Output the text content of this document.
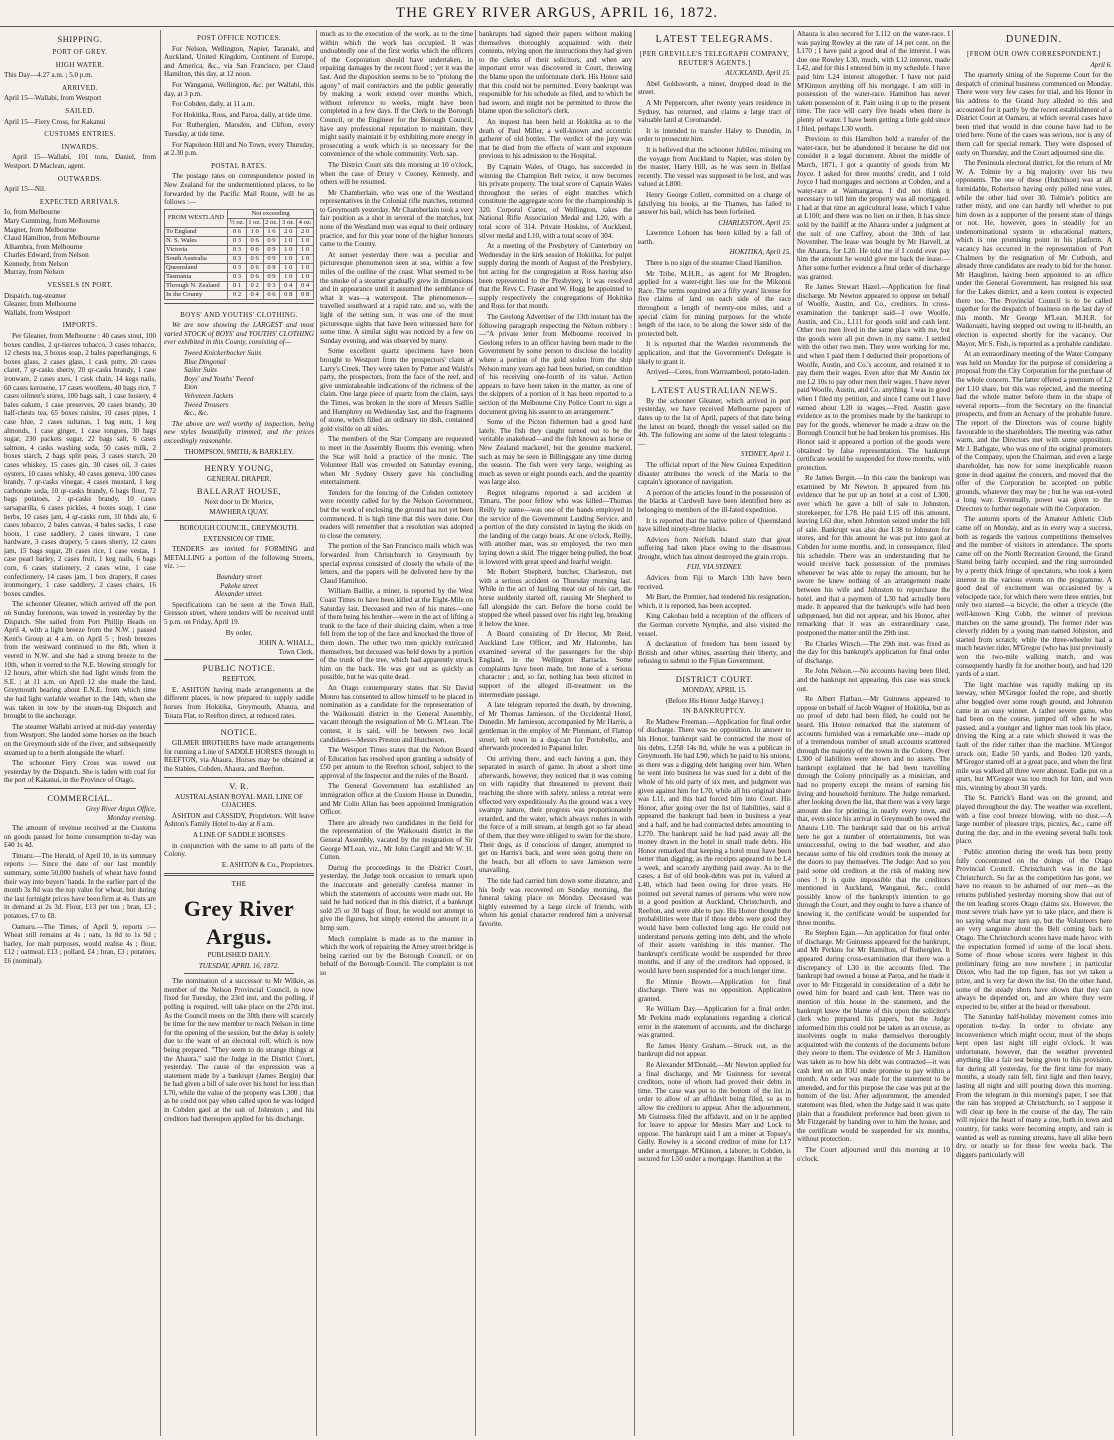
THE GREY RIVER ARGUS, APRIL 16, 1872.
SHIPPING.
PORT OF GREY.
HIGH WATER.

This Day—4.27 a.m. ; 5.0 p.m.

ARRIVED.

April 15—Wallabi, from Westport

SAILED.

April 15—Fiery Cross, for Kakanui

CUSTOMS ENTRIES.
INWARDS.

April 15—Wallabi, 101 tons, Daniel, from Westport. D Maclean, agent.

OUTWARDS.

April 15—Nil.

EXPECTED ARRIVALS.

Io, from Melbourne
Mary Cumming, from Melbourne
Magnet, from Melbourne
Claud Hamilton, from Melbourne
Alhambra, from Melbourne
Charles Edward, from Nelson
Kennedy, from Nelson
Murray, from Nelson

VESSELS IN PORT.

Dispatch, tug-steamer
Gleaner, from Melbourne
Wallabi, from Westport

IMPORTS.

Per Gleaner, from Melbourne : 40 cases stout, 100 boxes candles, 2 qr-tierces tobacco, 3 cases tobacco, 12 chests tea, 3 boxes soap, 2 bales paperhangings, 6 boxes glass, 2 cases glass, 1 cask putty, 20 cases claret, 7 qr-casks sherry, 20 qr-casks brandy, 1 case ironware, 2 cases axes, 1 cask chain, 14 kegs nails, 60 cases kerosene, 17 cases woollens, 40 bags rice, 7 cases oilmen's stores, 100 bags salt, 1 case hosiery, 4 bales oakum, 1 case preserves, 20 cases brandy, 30 half-chests tea, 65 boxes raisins, 10 cases pipes, 1 case blue, 2 cases sultanas, 1 bag nuts, 1 keg almonds, 1 case ginger, 1 case tongues, 30 bags sugar, 230 packets sugar, 22 bags salt, 6 cases salmon, 4 casks washing soda, 50 cases milk, 2 boxes starch, 2 bags split peas, 3 cases starch, 20 cases whiskey, 15 cases gin, 30 cases oil, 3 cases oysters, 10 cases whisky, 40 cases geneva, 100 cases brandy, 7 qr-casks vinegar, 4 cases mustard, 1 keg carbonate soda, 10 qr-casks brandy, 6 bags flour, 72 bags potatoes, 2 qr-casks brandy, 10 cases sarsaparilla, 6 cases pickles, 4 boxes soap, 1 case herbs, 10 cases jam, 4 qr-casks rum, 10 hhds ale, 6 cases tobacco, 2 bales canvas, 4 bales sacks, 1 case boots, 1 case saddlery, 2 cases tinware, 1 case hardware, 3 cases drapery, 5 cases sherry, 12 cases jam, 15 bags sugar, 20 cases rice, 1 case vestas, 1 case pearl barley, 2 cases fruit, 1 keg nails, 6 bags corn, 6 cases stationery, 2 cases wine, 1 case confectionery, 14 cases jam, 1 box drapery, 8 cases ironmongery, 1 case saddlery, 2 cases chairs, 16 boxes candles.

The schooner Gleaner, which arrived off the port on Sunday forenoon, was towed in yesterday by the Dispatch. She sailed from Port Phillip Heads on April 4, with a light breeze from the N.W. ; passed Kent's Group at 4 a.m. on April 5 ; fresh breezes from the westward continued to the 8th, when it veered to N.W. and she had a strong breeze to the 10th, when it veered to the N.E. blowing strongly for 12 hours, after which she had light winds from the S.E. ; at 11 a.m. on April 12 she made the land, Greymouth bearing about E.N.E. from which time she had light variable weather to the 14th, when she was taken in tow by the steam-tug Dispatch and brought to the anchorage.

The steamer Wallabi arrived at mid-day yesterday from Westport. She landed some horses on the beach on the Greymouth side of the river, and subsequently steamed up to a berth alongside the wharf.

The schooner Fiery Cross was towed out yesterday by the Dispatch. She is laden with coal for the port of Kakanui, in the Province of Otago.

COMMERCIAL.

Grey River Argus Office,
Monday evening.

The amount of revenue received at the Customs on goods passed for home consumption to-day was £40 1s 4d.

Timaru.—The Herald, of April 10, in its summary reports :— Since the date of our last monthly summary, some 50,000 bushels of wheat have found their way into buyers' hands. In the earlier part of the month 3s 8d was the top value for wheat, but during the last fortnight prices have been firm at 4s. Oats are in demand at 2s 3d. Flour, £13 per ton ; bran, £3 ; potatoes, £7 to £8.

Oamaru.—The Times, of April 9, reports :— Wheat still remains at 4s ; oats, 1s 8d to 1s 9d ; barley, for malt purposes, would realise 4s ; flour, £12 ; oatmeal, £13 ; pollard, £4 ; bran, £3 ; potatoes, £6 (nominal).

POST OFFICE NOTICES.

For Nelson, Wellington, Napier, Taranaki, and Auckland, United Kingdom, Continent of Europe, and America, &c., via San Francisco, per Claud Hamilton, this day, at 12 noon.

For Wanganui, Wellington, &c. per Wallabi, this day, at 3 p.m.

For Cobden, daily, at 11 a.m.

For Hokitika, Ross, and Paroa, daily, at tide time.

For Rutherglen, Marsden, and Clifton, every Tuesday, at tide time.

For Napoleon Hill and No Town, every Thursday, at 2.30 p.m.

POSTAL RATES.

The postage rates on correspondence posted in New Zealand for the undermentioned places, to be forwarded by the Pacific Mail Route, will be as follows :—

FROM WESTLAND	Not exceeding				
	½ oz.	1 oz.	2 oz.	3 oz.	4 oz.
To England	0 6	1 0	1 6	2 0	2 0
N. S. Wales	0 3	0 6	0 9	1 0	1 0
Victoria	0 3	0 6	0 9	1 0	1 0
South Australia	0 3	0 6	0 9	1 0	1 0
Queensland	0 3	0 6	0 9	1 0	1 0
Tasmania	0 3	0 6	0 9	1 0	1 0
Through N. Zealand	0 1	0 2	0 3	0 4	0 4
In the County	0 2	0 4	0 6	0 8	0 8
BOYS' AND YOUTHS' CLOTHING.

We are now showing the LARGEST and most varied STOCK of BOYS' and YOUTHS' CLOTHING ever exhibited in this County, consisting of—

Tweed Knickerbocker Suits
Blue Dingonal
Sailor Suits
Boys' and Youths' Tweed
Eton
Velveteen Jackets
Tweed Trousers
&c., &c.

The above are well worthy of inspection, being new styles beautifully trimmed, and the prices exceedingly reasonable.

THOMPSON, SMITH, & BARKLEY.

HENRY YOUNG,

GENERAL DRAPER,

BALLARAT HOUSE,

Next door to Dr Morice,

MAWHERA QUAY.

BOROUGH COUNCIL, GREYMOUTH.

EXTENSION OF TIME.

TENDERS are invited for FORMING and METALLING a portion of the following Streets, viz. :—

Boundary street
Pakeke street
Alexander street.

Specifications can be seen at the Town Hall, Gresson street, where tenders will be received until 5 p.m. on Friday, April 19.

By order,

JOHN A. WHALL,
Town Clerk.

PUBLIC NOTICE.

REEFTON.

E. ASHTON having made arrangements at the different places, is now prepared to supply saddle horses from Hokitika, Greymouth, Ahaura, and Totara Flat, to Reefton direct, at reduced rates.

NOTICE.

GILMER BROTHERS have made arrangements for running a Line of SADDLE HORSES through to REEFTON, via Ahaura. Horses may be obtained at the Stables, Cobden, Ahaura, and Reefton.

V. R.

AUSTRALASIAN ROYAL MAIL LINE OF COACHES.

ASHTON and CASSIDY, Proprietors. Will leave Ashton's Family Hotel to-day at 8 a.m.

A LINE OF SADDLE HORSES

in conjunction with the same to all parts of the Colony.

E. ASHTON & Co., Proprietors.

THE

Grey River Argus.

PUBLISHED DAILY.

TUESDAY, APRIL 16, 1872.

The nomination of a successor to Mr Wilkie, as member of the Nelson Provincial Council, is now fixed for Tuesday, the 23rd inst, and the polling, if polling is required, will take place on the 27th inst. As the Council meets on the 30th there will scarcely be time for the new member to reach Nelson in time for the opening of the session, but the delay is solely due to the want of an electoral roll, which is now being prepared. "They seem to do strange things at the Ahaura," said the Judge in the District Court, yesterday. The cause of the expression was a statement made by a bankrupt (James Bergin) that he had given a bill of sale over his hotel for less than L70, while the value of the property was L300 ; that as he could not pay when called upon he was lodged in Cobden gaol at the suit of Johnston ; and his creditors had thereupon applied for his discharge.

much as to the execution of the work, as to the time within which the work has occupied. It was undoubtedly one of the first works which the officers of the Corporation should have undertaken, in repairing damages by the recent flood ; yet it was the last. And the disposition seems to be to "prolong the agony" of mail contractors and the public generally by making a work extend over months which, without reference to weeks, might have been completed in a few days. If the Clerk to the Borough Council, or the Engineer for the Borough Council, have any professional reputation to maintain, they might easily maintain it by exhibiting more energy in prosecuting a work which is so necessary for the convenience of the whole community. Verb. sap.

The District Court sits this morning at 10 o'clock, when the case of Drury v Cooney, Kennedy, and others will be resumed.

Mr Chamberlain, who was one of the Westland representatives in the Colonial rifle matches, returned to Greymouth yesterday. Mr Chamberlain took a very fair position as a shot in several of the matches, but none of the Westland men was equal to their ordinary practice, and for this year none of the higher honours came to the County.

At sunset yesterday there was a peculiar and picturesque phenomenon seen at sea, within a few miles of the outline of the coast. What seemed to be the smoke of a steamer gradually grew in dimensions and in appearance until it assumed the semblance of what it was—a waterspout. The phenomenon—travelled southward at a rapid rate, and so, with the light of the setting sun, it was one of the most picturesque sights that have been witnessed here for some time. A similar sight was noticed by a few on Sunday evening, and was observed by many.

Some excellent quartz specimens have been brought to Westport from the prospectors' claim at Larry's Creek. They were taken by Potter and Walsh's party, the prospectors, from the face of the reef, and give unmistakeable indications of the richness of the claim. One large piece of quartz from the claim, says the Times, was broken in the store of Messrs Saillie and Humphrey on Wednesday last, and the fragments of stone, which filled an ordinary tin dish, contained gold visible on all sides.

The members of the Star Company are requested to meet in the Assembly Rooms this evening, when the Star will hold a practice of the music. The Volunteer Hall was crowded on Saturday evening, when Mr Sydney Ossery gave his concluding entertainment.

Tenders for the fencing of the Cobden cemetery were recently called for by the Nelson Government, but the work of enclosing the ground has not yet been commenced. It is high time that this were done. Our readers will remember that a resolution was adopted to close the cemetery.

The portion of the San Francisco mails which was forwarded from Christchurch to Greymouth by special express consisted of closely the whole of the letters, and the papers will be delivered here by the Claud Hamilton.

William Baillie, a miner, is reported by the West Coast Times to have been killed at the Eight-Mile on Saturday last. Deceased and two of his mates—one of them being his brother—were in the act of lifting a trunk to the face of their sluicing claim, when a tree fell from the top of the face and knocked the three of them down. The other two men quickly extricated themselves, but deceased was held down by a portion of the trunk of the tree, which had apparently struck him on the back. He was got out as quickly as possible, but he was quite dead.

An Otago contemporary states that Sir David Monro has consented to allow himself to be placed in nomination as a candidate for the representation of the Waikouaiti district in the General Assembly, vacant through the resignation of Mr G. M'Lean. The contest, it is said, will be between two local candidates—Messrs Preston and Hutcheson.

The Westport Times states that the Nelson Board of Education has resolved upon granting a subsidy of £50 per annum to the Reefton school, subject to the approval of the Inspector and the rules of the Board.

The General Government has established an immigration office at the Custom House in Dunedin, and Mr Colin Allan has been appointed Immigration Officer.

There are already two candidates in the field for the representation of the Waikouaiti district in the General Assembly, vacated by the resignation of Sir George M'Lean, viz., Mr John Cargill and Mr W. H. Cutten.

During the proceedings in the District Court, yesterday, the Judge took occasion to remark upon the inaccurate and generally careless manner in which the statements of accounts were made out. He said he had noticed that in this district, if a bankrupt sold 25 or 30 bags of flour, he would not attempt to give the figures, but simply entered the amount in a lump sum.

Much complaint is made as to the manner in which the work of repairing the Arney street bridge is being carried out by the Borough Council, or on behalf of the Borough Council. The complaint is not so

bankrupts had signed their papers without making themselves thoroughly acquainted with their contents, relying upon the instructions they had given to the clerks of their solicitors, and when any important error was discovered in Court, throwing the blame upon the unfortunate clerk. His Honor said that this could not be permitted. Every bankrupt was responsible for his schedule as filed, and to which he had sworn, and might not be permitted to throw the blame upon the solicitor's clerk.

An inquest has been held at Hokitika as to the death of Paul Miller, a well-known and eccentric gatherer of old bottles. The verdict of the jury was that he died from the effects of want and exposure previous to his admission to the Hospital.

By Captain Wales, of Otago, has succeeded in winning the Champion Belt twice, it now becomes his private property. The total score of Captain Wales throughout the series of eight matches which constitute the aggregate score for the championship is 320. Corporal Carter, of Wellington, takes the National Rifle Association Medal and L20, with a total score of 314. Private Hoskins, of Auckland, silver medal and L10, with a total score of 304.

At a meeting of the Presbytery of Canterbury on Wednesday in the kirk session of Hokitika, for pulpit supply during the month of August of the Presbytery, but acting for the congregation at Ross having also been represented to the Presbytery, it was resolved that the Revs C. Fraser and W. Hogg be appointed to supply respectively the congregations of Hokitika and Ross for that month.

The Geelong Advertiser of the 13th instant has the following paragraph respecting the Nelson robbery :—"A private letter from Melbourne received in Geelong refers to an officer having been made to the Government by some person to disclose the locality where a portion of the gold stolen from the ship Nelson many years ago had been buried, on condition of his receiving one-fourth of its value. Action appears to have been taken in the matter, as one of the skippers of a portion of it has been reported to a section of the Melbourne City Police Court to sign a document giving his assent to an arrangement."

Some of the Picton fishermen had a good haul lately. The fish they caught turned out to be the veritable snakehead—and the fish known as horse or New Zealand mackerel, but the genuine mackerel, such as may be seen in Billingsgate any time during the season. The fish were very large, weighing as much as seven or eight pounds each, and the quantity was large also.

Regret telegrams reported a sad accident at Timaru. The poor fellow who was killed—Thomas Reilly by name—was one of the hands employed in the service of the Government Landing Service, and a portion of the duty consisted in laying the skids on the landing of the cargo boats. At one o'clock, Reilly, with another man, was so employed, the two men laying down a skid. The trigger being pulled, the boat is lowered with great speed and fearful weight.

Mr Robert Shepherd, butcher, Charleston, met with a serious accident on Thursday morning last. While in the act of hauling meat out of his cart, the horse suddenly started off, causing Mr Shepherd to fall alongside the cart. Before the horse could be stopped the wheel passed over his right leg, breaking it below the knee.

A Board consisting of Dr Hector, Mr Reid, Auckland Law Officer, and Mr Halcombe, has examined several of the passengers for the ship England, in the Wellington Barracks. Some complaints have been made, but none of a serious character ; and, so far, nothing has been elicited in support of the alleged ill-treatment on the intermediate passage.

A late telegram reported the death, by drowning, of Mr Thomas Jamieson, of the Occidental Hotel, Dunedin. Mr Jamieson, accompanied by Mr Harris, a gentleman in the employ of Mr Plenmant, of Flattop street, left town in a dog-cart for Portobello, and afterwards proceeded to Papanui Inlet.

On arriving there, and each having a gun, they separated in search of game. In about a short time afterwards, however, they noticed that it was coming on with rapidity that threatened to prevent their reaching the shore with safety, unless a retreat were effected very expeditiously. As the ground was a very swampy nature, their progress was proportionately retarded, and the water, which always rushes in with the force of a mill stream, at length got so far ahead of them, that they were obliged to swim for the shore. Their dogs, as if conscious of danger, attempted to get on Harris's back, and were seen going there on the beach, but all efforts to save Jamieson were unavailing.

The tide had carried him down some distance, and his body was recovered on Sunday morning, the funeral taking place on Monday. Deceased was highly esteemed by a large circle of friends, with whom his genial character rendered him a universal favorite.

LATEST TELEGRAMS.
[PER GREVILLE'S TELEGRAPH COMPANY, REUTER'S AGENTS.]

AUCKLAND, April 15.

Abel Goldsworth, a miner, dropped dead in the street.

A Mr Peppercorn, after twenty years residence in Sydney, has returned, and claims a large tract of valuable land at Coromandel.

It is intended to transfer Haley to Dunedin, in order to prosecute him.

It is believed that the schooner Jubilee, missing on the voyage from Auckland to Napier, was stolen by the master, Harry Hill, as he was seen in Belfast recently. The vessel was supposed to be lost, and was valued at L800.

Henry George Collett, committed on a charge of falsifying his books, at the Thames, has failed to answer his bail, which has been forfeited.

CHARLESTON, April 15.

Lawrence Lohoen has been killed by a fall of earth.

HOKITIKA, April 15.

There is no sign of the steamer Claud Hamilton.

Mr Tribe, M.H.R., as agent for Mr Brogden, applied for a water-right lies use for the Mikonui Race. The terms required are a fifty years' license for five claims of land on each side of the race throughout a length of twenty-one miles, and a special claim for mining purposes for the whole length of the race, to be along the lower side of the protected belt.

It is reported that the Warden recommends the application, and that the Government's Delegate is likely to grant it.

Arrived—Ceres, from Warrnambool, potato-laden.

LATEST AUSTRALIAN NEWS.

By the schooner Gleaner, which arrived in port yesterday, we have received Melbourne papers of dates up to the 1st of April, papers of that date being the latest on board, though the vessel sailed on the 4th. The following are some of the latest telegrams :—

SYDNEY, April 1.

The official report of the New Guinea Expedition disaster attributes the wreck of the Maria to the captain's ignorance of navigation.

A portion of the articles found in the possession of the blacks at Cardwell have been identified here as belonging to members of the ill-fated expedition.

It is reported that the native police of Queensland have killed ninety-three blacks.

Advices from Norfolk Island state that great suffering had taken place owing to the disastrous drought, which has almost destroyed the grain crops.

FIJI, VIA SYDNEY.

Advices from Fiji to March 13th have been received.

Mr Burt, the Premier, had tendered his resignation, which, it is reported, has been accepted.

King Cakobau held a reception of the officers of the German corvette Nymphe, and also visited the vessel.

A declaration of freedom has been issued by British and other whites, asserting their liberty, and refusing to submit to the Fijian Government.

DISTRICT COURT.

MONDAY, APRIL 15.

(Before His Honor Judge Harvey.)

IN BANKRUPTCY.

Re Mathew Freeman.—Application for final order of discharge. There was no opposition. In answer to his Honor, bankrupt said he contracted the most of his debts, L258 14s 8d, while he was a publican in Greymouth. He had L90, which he paid to his unions, as there was a digging debt hanging over him. When he went into business he was sued for a debt of the whole of his old party of six men, and judgment was given against him for L70, while all his original share was L11, and this had forced him into Court. His Honor, after going over the list of liabilities, said it appeared the bankrupt had been in business a year and a half, and he had contracted debts amounting to L270. The bankrupt said he had paid away all the money drawn in the hotel in small trade debts. His Honor remarked that keeping a hotel must have been better than digging, as the receipts appeared to be L4 a week, and scarcely anything paid away. As to the cases, a list of old book-debts was put in, valued at L40, which had been owing for three years. He pointed out several names of persons who were now in a good position at Auckland, Christchurch, and Reefton, and were able to pay. His Honor thought the probabilities were that if those debts were good they would have been collected long ago. He could not understand persons getting into debt, and the whole of their assets vanishing in this manner. The bankrupt's certificate would be suspended for three months, and if any of the creditors had opposed, it would have been suspended for a much longer time.

Re Minnie Brown.—Application for final discharge. There was no opposition. Application granted.

Re William Day.—Application for a final order. Mr Perkins made explanations regarding a clerical error in the statement of accounts, and the discharge was granted.

Re James Henry Graham.—Struck out, as the bankrupt did not appear.

Re Alexander M'Donald.—Mr Newton applied for a final discharge, and Mr Guinness for several creditors, none of whom had proved their debts in time. The case was put to the bottom of the list in order to allow of an affidavit being filed, so as to allow the creditors to appear. After the adjournment, Mr Guinness filed the affidavit, and on it he applied for leave to appear for Messrs Marr and Lock to oppose. The bankrupt said I am a miner at Topsey's Gully. Rowley is a second creditor of mine for L17 under a mortgage. M'Kinnon, a laborer, in Cobden, is secured for L50 under a mortgage. Hamilton at the

Ahaura is also secured for L112 on the water-race. I was paying Rowley at the rate of 14 per cent. on the L170 ; I have paid a good deal of the interest. I was due one Rowley L30, much, with L12 interest, made L42, and for this I entered him in my schedule. I have paid him L24 interest altogether. I have not paid M'Kinnon anything off his mortgage. I am still in possession of the water-race. Hamilton has never taken possession of it. Pain using it up to the present time. The race will carry five heads when there is plenty of water. I have been getting a little gold since I filed, perhaps L30 worth.

Previous to this Hamilton held a transfer of the water-race, but he abandoned it because he did not consider it a legal document. About the middle of March, 1871, I got a quantity of goods from Mr Joyce. I asked for three months' credit, and I told Joyce I had mortgages and sections at Cobden, and a water-race at Waimangaroa. I did not think it necessary to tell him the property was all mortgaged. I had at that time an agricultural lease, which I value at L100; and there was no lien on it then. It has since sold by the bailiff at the Ahaura under a judgment at the suit of one Caffrey, about the 30th of last November. The lease was bought by Mr Harvell, at the Ahaura, for L20. He told me if I could ever pay him the amount he would give me back the lease.—After some further evidence a final order of discharge was granted.

Re James Stewart Hazel.—Application for final discharge. Mr Newton appeared to oppose on behalf of Woolfe, Austin, and Co., creditors. In cross-examination the bankrupt said—I owe Woolfe, Austin, and Co., L111 for goods sold and cash lent. Other two men lived in the same place with me, but the goods were all put down in my name. I settled with the other two men. They were working for me, and when I paid them I deducted their proportions of Woolfe, Austin, and Co.'s account, and retained it to pay them their wages. Even after that Mr Austin let me L2 10s to pay other men their wages. I have never paid Woolfe, Austin, and Co. anything. I was in good when I filed my petition, and since I came out I have earned about L20 in wages.—Fred. Austin gave evidence as to the promises made by the bankrupt to pay for the goods, whenever he made a draw on the Borough Council but he had broken his promises. His Honor said it appeared a portion of the goods were obtained by false representation. The bankrupt certificate would be suspended for three months, with protection.

Re James Bergin.—In this case the bankrupt was examined by Mr Newton. It appeared from his evidence that he put up an hotel at a cost of L300, over which he gave a bill of sale to Johnston, storekeeper, for L78. He paid L15 off this amount, leaving L63 due, when Johnston seized under the bill of sale. Bankrupt was also due L38 to Johnston for stores, and for this amount he was put into gaol at Cobden for some months, and, in consequence, filed his schedule. There was an understanding that he would receive back possession of the premises whenever he was able to repay the amount, but he swore he knew nothing of an arrangement made between his wife and Johnston to repurchase the hotel, and that a payment of L30 had actually been made. It appeared that the bankrupt's wife had been subpœnaed, but did not appear, and his Honor, after remarking that it was an extraordinary case, postponed the matter until the 29th inst.

Re Charles Wirsch.—The 29th inst. was fixed as the day for this bankrupt's application for final order of discharge.

Re John Nelson.—No accounts having been filed, and the bankrupt not appearing, this case was struck out.

Re Albert Flatbau.—Mr Guinness appeared to oppose on behalf of Jacob Wagner of Hokitika, but as no proof of debt had been filed, he could not be heard. His Honor remarked that the statement of accounts furnished was a remarkable one—made up of a tremendous number of small accounts scattered through the majority of the towns in the Colony. Over L300 of liabilities were shown and no assets. The bankrupt explained that he had been travelling through the Colony principally as a musician, and had no property except the means of earning his living and household furniture. The Judge remarked, after looking down the list, that there was a very large amount due for printing in nearly every town, and that, even since his arrival in Greymouth he owed the Ahaura L10. The bankrupt said that on his arrival here he got a number of entertainments, but was unsuccessful, owing to the bad weather, and also because some of his old creditors took the money at the doors to pay themselves. The Judge: And so you paid some old creditors at the risk of making new ones ! It is quite impossible that the creditors mentioned in Auckland, Wanganui, &c., could possibly know of the bankrupt's intention to go through the Court, and they ought to have a chance of knowing it, the certificate would be suspended for three months.

Re Stephen Egan.—An application for final order of discharge. Mr Guinness appeared for the bankrupt, and Mr Perkins for Mr Hamilton, of Rutherglen. It appeared during cross-examination that there was a discrepancy of L30 in the accounts filed. The bankrupt had owned a house at Paroa, and he made it over to Mr Fitzgerald in consideration of a debt he owed him for board and cash lent. There was no mention of this house in the statement, and the bankrupt knew the blame of this upon the solicitor's clerk who prepared his papers, but the Judge informed him this could not be taken as an excuse, as insolvents ought to make themselves thoroughly acquainted with the contents of the documents before they swore to them. The evidence of Mr J. Hamilton was taken as to how his debt was contracted—it was cash lent on an IOU under promise to pay within a month. An order was made for the statement to be amended, and for this purpose the case was put at the bottom of the list. After adjournment, the amended statement was filed, when the Judge said it was quite plain that a fraudulent preference had been given to Mr Fitzgerald by handing over to him the house, and the certificate would be suspended for six months, without protection.

The Court adjourned until this morning at 10 o'clock.

DUNEDIN.
[FROM OUR OWN CORRESPONDENT.]

April 6.

The quarterly sitting of the Supreme Court for the despatch of criminal business commenced on Monday. There were very few cases for trial, and his Honor in his address to the Grand Jury alluded to this and accounted for it partly by the recent establishment of a District Court at Oamaru, at which several cases have been tried that would in due course have had to be tried here. None of the cases was serious, nor is any of them call for special remark. They were disposed of early on Thursday, and the Court adjourned sine die.

The Peninsula electoral district, for the return of Mr W. A. Tolmie by a big majority over his two opponents. The one of these (Hutchison) was at all formidable, Robertson having only polled nine votes, while the other had over 30. Tolmie's politics are rather misty, and one can hardly tell whether to put him down as a supporter of the present state of things or not. He, however, goes in steadily for an undenominational system in educational matters, which is one promising point in his platform. A vacancy has occurred in the representation of Port Chalmers by the resignation of Mr Cutbush, and already three candidates are ready to bid for the honor. Mr Haughton, having been appointed to an office under the General Government, has resigned his seat for the Lakes district, and a keen contest is expected there too. The Provincial Council is to be called together for the despatch of business on the last day of this month. Mr George M'Lean, M.H.R. for Waikouaiti, having stepped out owing to ill-health, an election is expected shortly for the vacancy. Our Mayor, Mr S. Fish, is reported as a probable candidate.

At an extraordinary meeting of the Water Company was held on Monday for the purpose of considering a proposal from the City Corporation for the purchase of the whole concern. The latter offered a premium of L2 per L10 share, but this was rejected, and the meeting had the whole matter before them in the shape of several reports—from the Secretary on the financial prospects, and from an Actuary of the probable future. The report of the Directors was of course highly favourable to the shareholders. The meeting was rather warm, and the Directors met with some opposition. Mr J. Bathgate, who was one of the original promoters of the Company, upon the Chairman, and even a large shareholder, has now for some inexplicable reason gone in dead against the concern, and moved that the offer of the Corporation be accepted on public grounds, whatever they may be ; but he was out-voted a long way. Eventually, power was given to the Directors to further negotiate with the Corporation.

The autumn sports of the Amateur Athletic Club came off on Monday, and as in every way a success, both as regards the various competitions themselves and the number of visitors in attendance. The sports came off on the North Recreation Ground, the Grand Stand being fairly occupied, and the ring surrounded by a pretty thick fringe of spectators, who took a keen interest in the various events on the programme. A good deal of excitement was occasioned by a velocipede race, for which there were three entries, but only two started—a bicycle, the other a tricycle (the well-known King Cobb, the winner of previous matches on the same ground). The former rider was cleverly ridden by a young man named Johnston, and started from scratch; while the three-wheeler had a much heavier rider, M'Gregor (who has just previously won the two-mile walking match, and was consequently hardly fit for another bout), and had 120 yards of a start.

The light machine was rapidly making up its leeway, when M'Gregor fouled the rope, and shortly after boggled over some rough ground, and Johnston came in an easy winner. A rather severe game, who had been on the course, jumped off when he was passed, and a younger and lighter man took his place, driving the King at a rate which showed it was the fault of the rider rather than the machine. M'Gregor struck out, Eadie 50 yards, and Bodeo 120 yards, M'Gregor started off at a great pace, and when the first mile was walked all three were abreast. Eadie put on a spurt, but M'Gregor was too much for him, and won this, winning by about 30 yards.

The St. Patrick's Band was on the ground, and played throughout the day. The weather was excellent, with a fine cool breeze blowing, with no dust.—A large number of pleasure trips, picnics, &c., came off during the day, and in the evening several balls took place.

Public attention during the week has been pretty fully concentrated on the doings of the Otago Provincial Council. Christchurch was in the last Christchurch. So far as the competition has gone, we have no reason to be ashamed of our men—as the returns published yesterday morning show that out of the ten leading scores Otago claims six. However, the most severe trials have yet to take place, and there is no saying what may turn up, but the Volunteers here are very sanguine about the Belt coming back to Otago. The Christchurch scores have made havoc with the expectation formed of some of the local shots. Some of those whose scores were highest in this preliminary firing are now nowhere ; in particular Dixon, who had the top figure, has not yet taken a prize, and is very far down the list. On the other hand, some of the steady shots have shown that they can always be depended on, and are where they were expected to be, either at the head or thereabout.

The Saturday half-holiday movement comes into operation to-day. In order to obviate any inconvenience which might occur, most of the shops kept open last night till eight o'clock. It was unfortunate, however, that the weather prevented anything like a fair test being given to this provision, for during all yesterday, for the first time for many months, a steady rain fell, first light and then heavy, lasting all night and still pouring down this morning. From the telegram in this morning's paper, I see that the rain has stopped at Christchurch, so I suppose it will clear up here in the course of the day. The rain will rejoice the heart of many a one, both in town and country, for tanks were becoming empty, and rain is wanted as well as running streams, have all alike been dry, or nearly so for these few weeks back. The diggers particularly will
